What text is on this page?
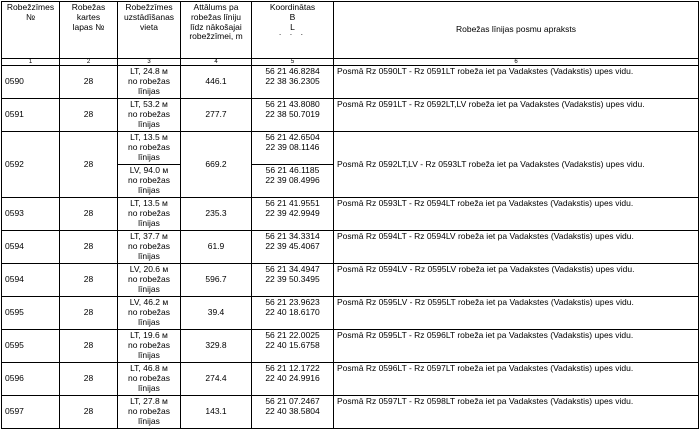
Robežzīmes
№	Robežas
kartes
lapas №	Robežzīmes
uzstādīšanas
vieta	Attālums pa
robežas līniju
līdz nākošajai
robežzīmei, m	Koordinātas
B
L
· · ·	Robežas līnijas posmu apraksts
1	2	3	4	5	6
0590	28	LT, 24.8 м
no robežas
līnijas	446.1	56 21 46.8284
22 38 36.2305	Posmā Rz 0590LT - Rz 0591LT robeža iet pa Vadakstes (Vadakstis) upes vidu.
0591	28	LT, 53.2 м
no robežas
līnijas	277.7	56 21 43.8080
22 38 50.7019	Posmā Rz 0591LT - Rz 0592LT,LV robeža iet pa Vadakstes (Vadakstis) upes vidu.
0592	28	LT, 13.5 м
no robežas
līnijas	669.2	56 21 42.6504
22 39 08.1146	Posmā Rz 0592LT,LV - Rz 0593LT robeža iet pa Vadakstes (Vadakstis) upes vidu.

		LV, 94.0 м
no robežas
līnijas		56 21 46.1185
22 39 08.4996	

0593	28	LT, 13.5 м
no robežas
līnijas	235.3	56 21 41.9551
22 39 42.9949	Posmā Rz 0593LT - Rz 0594LT robeža iet pa Vadakstes (Vadakstis) upes vidu.
0594	28	LT, 37.7 м
no robežas
līnijas	61.9	56 21 34.3314
22 39 45.4067	Posmā Rz 0594LT - Rz 0594LV robeža iet pa Vadakstes (Vadakstis) upes vidu.
0594	28	LV, 20.6 м
no robežas
līnijas	596.7	56 21 34.4947
22 39 50.3495	Posmā Rz 0594LV - Rz 0595LV robeža iet pa Vadakstes (Vadakstis) upes vidu.
0595	28	LV, 46.2 м
no robežas
līnijas	39.4	56 21 23.9623
22 40 18.6170	Posmā Rz 0595LV - Rz 0595LT robeža iet pa Vadakstes (Vadakstis) upes vidu.
0595	28	LT, 19.6 м
no robežas
līnijas	329.8	56 21 22.0025
22 40 15.6758	Posmā Rz 0595LT - Rz 0596LT robeža iet pa Vadakstes (Vadakstis) upes vidu.
0596	28	LT, 46.8 м
no robežas
līnijas	274.4	56 21 12.1722
22 40 24.9916	Posmā Rz 0596LT - Rz 0597LT robeža iet pa Vadakstes (Vadakstis) upes vidu.
0597	28	LT, 27.8 м
no robežas
līnijas	143.1	56 21 07.2467
22 40 38.5804	Posmā Rz 0597LT - Rz 0598LT robeža iet pa Vadakstes (Vadakstis) upes vidu.
